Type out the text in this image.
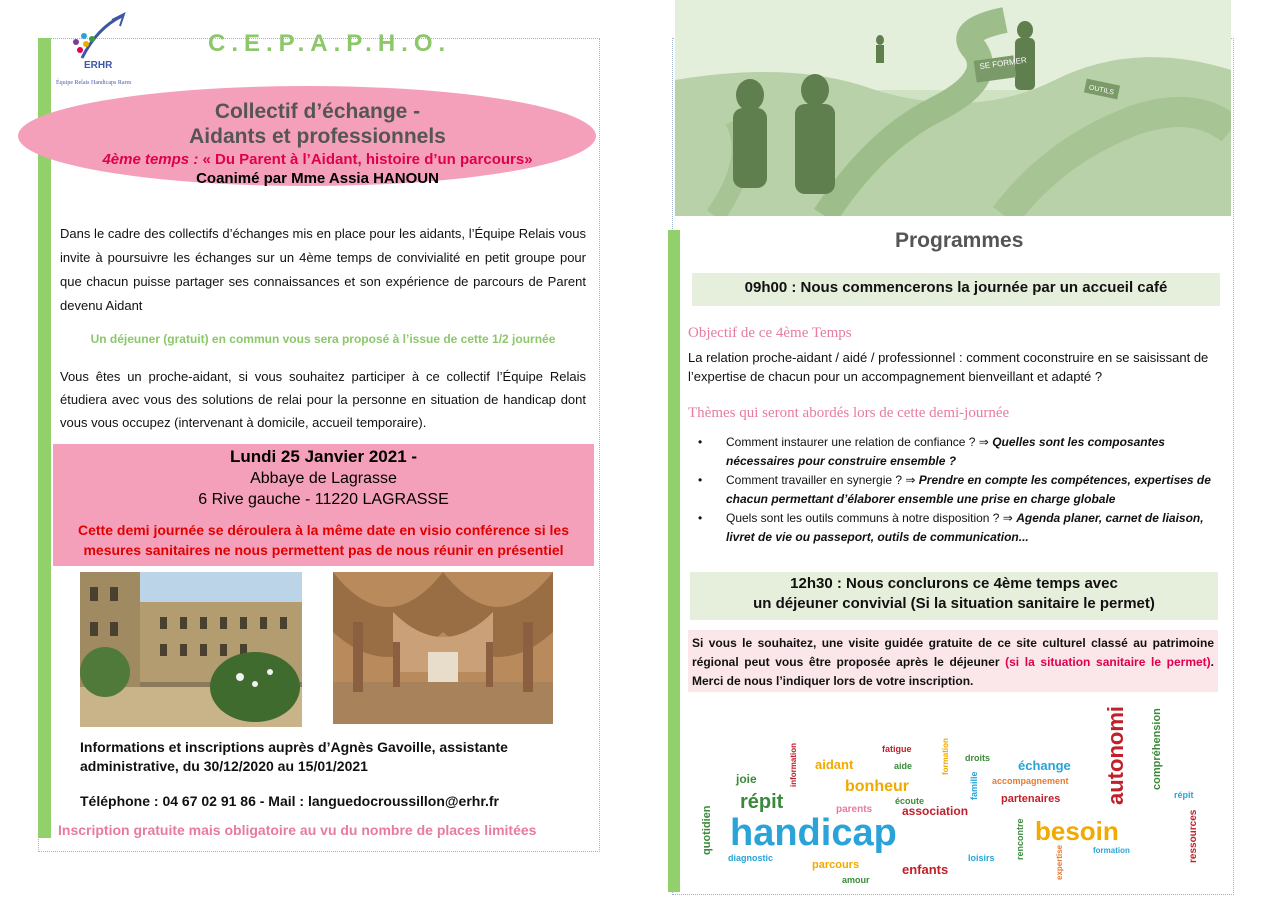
ERHR
Équipe Relais Handicaps Rares
C.E.P.A.P.H.O.
Collectif d’échange -
Aidants et professionnels
4ème temps : « Du Parent à l’Aidant, histoire d’un parcours»
Coanimé par Mme Assia HANOUN
Dans le cadre des collectifs d’échanges mis en place pour les aidants, l’Équipe Relais vous invite à poursuivre les échanges sur un 4ème temps de convivialité en petit groupe pour que chacun puisse partager ses connaissances et son expérience de parcours de Parent devenu Aidant
Un déjeuner (gratuit) en commun vous sera proposé à l’issue de cette 1/2 journée
Vous êtes un proche-aidant, si vous souhaitez participer à ce collectif l’Équipe Relais étudiera avec vous des solutions de relai pour la personne en situation de handicap dont vous vous occupez (intervenant à domicile, accueil temporaire).
Lundi 25 Janvier 2021 -
Abbaye de Lagrasse
6 Rive gauche - 11220 LAGRASSE
Cette demi journée se déroulera à la même date en visio conférence si les mesures sanitaires ne nous permettent pas de nous réunir en présentiel
Informations et inscriptions auprès d’Agnès Gavoille, assistante administrative, du 30/12/2020 au 15/01/2021
Téléphone : 04 67 02 91 86 - Mail : languedocroussillon@erhr.fr
Inscription gratuite mais obligatoire au vu du nombre de places limitées
SE FORMER
OUTILS
Programmes
09h00 : Nous commencerons la journée par un accueil café
Objectif de ce 4ème Temps
La relation proche-aidant / aidé / professionnel : comment coconstruire en se saisissant de l’expertise de chacun pour un accompagnement bienveillant et adapté ?
Thèmes qui seront abordés lors de cette demi-journée
• Comment instaurer une relation de confiance ? ⇒ Quelles sont les composantes nécessaires pour construire ensemble ?
• Comment travailler en synergie ? ⇒ Prendre en compte les compétences, expertises de chacun permettant d’élaborer ensemble une prise en charge globale
• Quels sont les outils communs à notre disposition ? ⇒ Agenda planer, carnet de liaison, livret de vie ou passeport, outils de communication...
12h30 : Nous conclurons ce 4ème temps avec
un déjeuner convivial (Si la situation sanitaire le permet)
Si vous le souhaitez, une visite guidée gratuite de ce site culturel classé au patrimoine régional peut vous être proposée après le déjeuner (si la situation sanitaire le permet). Merci de nous l’indiquer lors de votre inscription.
handicap	besoin
autonomie
répit
bonheur
aidant
joie
fatigue	formation
information	droits échange
accompagnement
famille	compréhension
partenaires
association
parents
écoute
aide
quotidien
diagnostic
parcours	enfants
amour
loisirs rencontre
expertise	ressources
formation
répit
